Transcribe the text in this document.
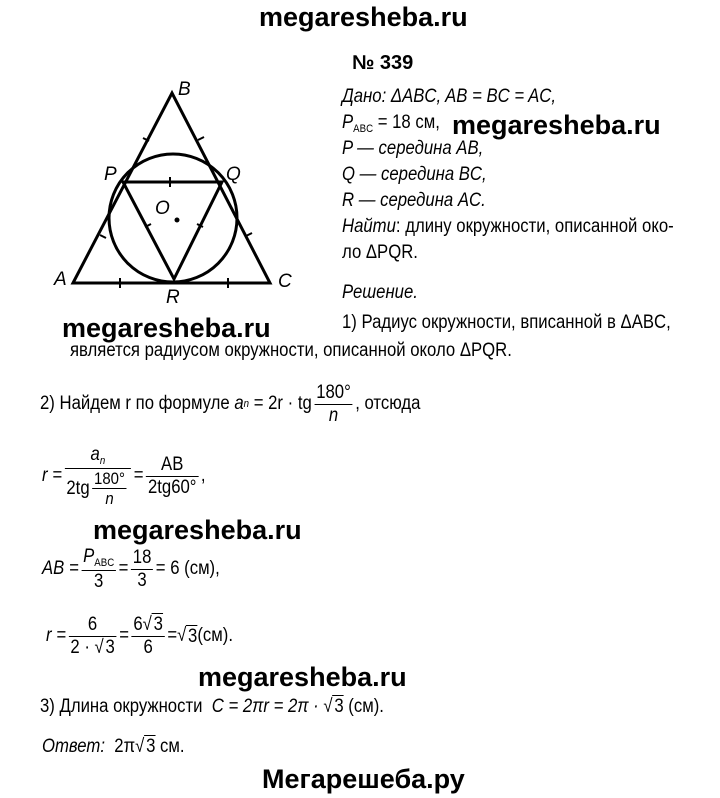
megaresheba.ru
№ 339
B
P	Q
O
A	C
R
Дано: ΔABC, AB = BC = AC,
$P_{ABC} = 18$ см, megaresheba.ru
P — середина AB,
Q — середина BC,
R — середина AC.
Найти: длину окружности, описанной око-
ло ΔPQR.
Решение.
megaresheba.ru	1) Радиус окружности, вписанной в ΔABC,
является радиусом окружности, описанной около ΔPQR.
2) Найдем r по формуле
a n
= 2r · tg $\frac{180^\circ}{n}$ , отсюда
$r = \frac{a_n}{2tg \frac{180^\circ}{n}} = \frac{AB}{2tg60^\circ}$ ,
megaresheba.ru
AB = $\frac{P_{ABC}}{3} = \frac{18}{3} = 6$ (см),
$r = \frac{6}{2 \cdot √3} = \frac{6√3}{6}$ = √ 3 (см).
megaresheba.ru
3) Длина окружности C = 2πr = 2π · √3 (см).
Ответ: 2π√3 см.
Мегарешеба.ру
